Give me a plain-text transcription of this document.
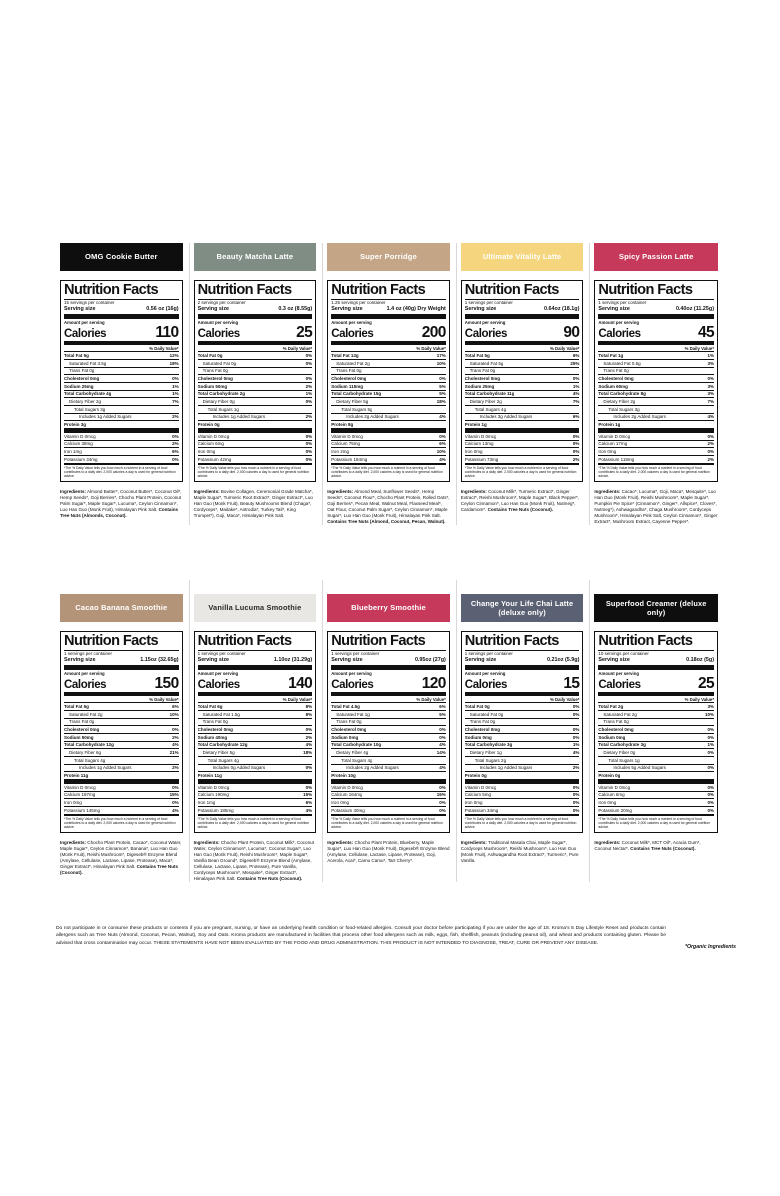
OMG Cookie Butter
Nutrition Facts
15 servings per container
Serving size	0.56 oz (16g)
Amount per serving
Calories	110
% Daily Value*
Total Fat 5g	12%
Saturated Fat 3.5g	18%
Trans Fat 0g
Cholesterol 0mg	0%
Sodium 25mg	1%
Total Carbohydrate 4g	1%
Dietary Fiber 2g	7%
Total Sugars 3g
Includes 1g Added Sugars	2%
Protein 3g
Vitamin D 0mcg	0%
Calcium 38mg	2%
Iron 1mg	6%
Potassium 34mg	0%
*The % Daily Value tells you how much a nutrient in a serving of food contributes to a daily diet. 2,000 calories a day is used for general nutrition advice.
Ingredients: Almond Butter*, Coconut Butter*, Coconut Oil*, Hemp Seeds*, Goji Berries*, Chocho Plant Protein, Coconut Palm Sugar*, Maple Sugar*, Lucuma*, Ceylon Cinnamon*, Luo Han Guo (Monk Fruit), Himalayan Pink Salt. Contains Tree Nuts (Almonds, Coconut).
Beauty Matcha Latte
Nutrition Facts
2 servings per container
Serving size	0.3 oz (8.55g)
Amount per serving
Calories	25
% Daily Value*
Total Fat 0g	0%
Saturated Fat 0g	0%
Trans Fat 0g
Cholesterol 0mg	0%
Sodium 50mg	2%
Total Carbohydrate 2g	1%
Dietary Fiber 0g	0%
Total Sugars 1g
Includes 1g Added Sugars	2%
Protein 0g
Vitamin D 0mcg	0%
Calcium 6mg	0%
Iron 0mg	0%
Potassium 42mg	0%
*The % Daily Value tells you how much a nutrient in a serving of food contributes to a daily diet. 2,000 calories a day is used for general nutrition advice.
Ingredients: Bovine Collagen, Ceremonial Grade Matcha*, Maple Sugar*, Turmeric Root Extract*, Ginger Extract*, Luo Han Guo (Monk Fruit), Beauty Mushrooms Blend (Chaga*, Cordyceps*, Maitake*, Antrodia*, Turkey Tail*, King Trumpet*), Goji, Maca*, Himalayan Pink Salt.
Super Porridge
Nutrition Facts
1.25 servings per container
Serving size	1.4 oz (40g) Dry Weight
Amount per serving
Calories	200
% Daily Value*
Total Fat 13g	17%
Saturated Fat 2g	10%
Trans Fat 0g
Cholesterol 0mg	0%
Sodium 115mg	5%
Total Carbohydrate 15g	5%
Dietary Fiber 5g	18%
Total Sugars 5g
Includes 2g Added Sugars	4%
Protein 8g
Vitamin D 0mcg	0%
Calcium 75mg	6%
Iron 2mg	10%
Potassium 184mg	4%
*The % Daily Value tells you how much a nutrient in a serving of food contributes to a daily diet. 2,000 calories a day is used for general nutrition advice.
Ingredients: Almond Meal, Sunflower Seeds*, Hemp Seeds*, Coconut Flour*, Chocho Plant Protein, Rolled Oats*, Goji Berries*, Pecan Meal, Walnut Meal, Flaxseed Meal*, Oat Flour, Coconut Palm Sugar*, Ceylon Cinnamon*, Maple Sugar*, Luo Han Guo (Monk Fruit), Himalayan Pink Salt. Contains Tree Nuts (Almond, Coconut, Pecan, Walnut).
Ultimate Vitality Latte
Nutrition Facts
1 servings per container
Serving size	0.64oz (18.1g)
Amount per serving
Calories	90
% Daily Value*
Total Fat 5g	6%
Saturated Fat 5g	25%
Trans Fat 0g
Cholesterol 0mg	0%
Sodium 25mg	1%
Total Carbohydrate 11g	4%
Dietary Fiber 2g	7%
Total Sugars 4g
Includes 3g Added Sugars	6%
Protein 1g
Vitamin D 0mcg	0%
Calcium 13mg	0%
Iron 0mg	0%
Potassium 73mg	2%
*The % Daily Value tells you how much a nutrient in a serving of food contributes to a daily diet. 2,000 calories a day is used for general nutrition advice.
Ingredients: Coconut Milk*, Turmeric Extract*, Ginger Extract*, Reishi Mushroom*, Maple Sugar*, Black Pepper*, Ceylon Cinnamon*, Luo Han Guo (Monk Fruit), Nutmeg*, Cardamom*. Contains Tree Nuts (Coconut).
Spicy Passion Latte
Nutrition Facts
1 servings per container
Serving size	0.40oz (11.25g)
Amount per serving
Calories	45
% Daily Value*
Total Fat 1g	1%
Saturated Fat 0.5g	3%
Trans Fat 0g
Cholesterol 0mg	0%
Sodium 60mg	3%
Total Carbohydrate 8g	3%
Dietary Fiber 2g	7%
Total Sugars 3g
Includes 2g Added Sugars	4%
Protein 1g
Vitamin D 0mcg	0%
Calcium 17mg	2%
Iron 0mg	0%
Potassium 118mg	2%
*The % Daily Value tells you how much a nutrient in a serving of food contributes to a daily diet. 2,000 calories a day is used for general nutrition advice.
Ingredients: Cacao*, Lucuma*, Goji, Maca*, Mesquite*, Luo Han Guo (Monk Fruit), Reishi Mushroom*, Maple Sugar*, Pumpkin Pie Spice* (Cinnamon*, Ginger*, Allspice*, Cloves*, Nutmeg*), Ashwagandha*, Chaga Mushroom*, Cordyceps Mushroom*, Himalayan Pink Salt, Ceylon Cinnamon*, Ginger Extract*, Mushroom Extract, Cayenne Pepper*.
Cacao Banana Smoothie
Nutrition Facts
1 servings per container
Serving size	1.15oz (32.65g)
Amount per serving
Calories	150
% Daily Value*
Total Fat 5g	6%
Saturated Fat 2g	10%
Trans Fat 0g
Cholesterol 0mg	0%
Sodium 50mg	2%
Total Carbohydrate 12g	4%
Dietary Fiber 6g	21%
Total Sugars 4g
Includes 1g Added Sugars	2%
Protein 11g
Vitamin D 0mcg	0%
Calcium 187mg	15%
Iron 0mg	0%
Potassium 145mg	4%
*The % Daily Value tells you how much a nutrient in a serving of food contributes to a daily diet. 2,000 calories a day is used for general nutrition advice.
Ingredients: Chocho Plant Protein, Cacao*, Coconut Water, Maple Sugar*, Ceylon Cinnamon*, Banana*, Luo Han Guo (Monk Fruit), Reishi Mushroom*, Digeseb® Enzyme Blend (Amylase, Cellulase, Lactase, Lipase, Protease), Maca*, Ginger Extract*, Himalayan Pink Salt. Contains Tree Nuts (Coconut).
Vanilla Lucuma Smoothie
Nutrition Facts
1 servings per container
Serving size	1.10oz (31.29g)
Amount per serving
Calories	140
% Daily Value*
Total Fat 6g	8%
Saturated Fat 1.5g	8%
Trans Fat 0g
Cholesterol 0mg	0%
Sodium 40mg	2%
Total Carbohydrate 12g	4%
Dietary Fiber 5g	18%
Total Sugars 4g
Includes 0g Added Sugars	0%
Protein 11g
Vitamin D 0mcg	0%
Calcium 190mg	15%
Iron 1mg	6%
Potassium 185mg	4%
*The % Daily Value tells you how much a nutrient in a serving of food contributes to a daily diet. 2,000 calories a day is used for general nutrition advice.
Ingredients: Chocho Plant Protein, Coconut Milk*, Coconut Water, Ceylon Cinnamon*, Lucuma*, Coconut Sugar*, Luo Han Guo (Monk Fruit), Reishi Mushroom*, Maple Sugar*, Vanilla Bean Ground*, Digeseb® Enzyme Blend (Amylase, Cellulase, Lactase, Lipase, Protease), Pure Vanilla, Cordyceps Mushroom*, Mesquite*, Ginger Extract*, Himalayan Pink Salt. Contains Tree Nuts (Coconut).
Blueberry Smoothie
Nutrition Facts
1 servings per container
Serving size	0.95oz (27g)
Amount per serving
Calories	120
% Daily Value*
Total Fat 4.5g	6%
Saturated Fat 1g	5%
Trans Fat 0g
Cholesterol 0mg	0%
Sodium 0mg	0%
Total Carbohydrate 10g	4%
Dietary Fiber 4g	14%
Total Sugars 4g
Includes 2g Added Sugars	4%
Protein 10g
Vitamin D 0mcg	0%
Calcium 164mg	15%
Iron 0mg	0%
Potassium 40mg	0%
*The % Daily Value tells you how much a nutrient in a serving of food contributes to a daily diet. 2,000 calories a day is used for general nutrition advice.
Ingredients: Chocho Plant Protein, Blueberry, Maple Sugar*, Luo Han Guo (Monk Fruit), Digeseb® Enzyme Blend (Amylase, Cellulase, Lactase, Lipase, Protease), Goji, Acerola, Acai*, Camu Camu*, Tart Cherry*.
Change Your Life Chai Latte (deluxe only)
Nutrition Facts
1 servings per container
Serving size	0.21oz (5.9g)
Amount per serving
Calories	15
% Daily Value*
Total Fat 0g	0%
Saturated Fat 0g	0%
Trans Fat 0g
Cholesterol 0mg	0%
Sodium 0mg	0%
Total Carbohydrate 3g	1%
Dietary Fiber 1g	4%
Total Sugars 2g
Includes 1g Added Sugars	2%
Protein 0g
Vitamin D 0mcg	0%
Calcium 5mg	0%
Iron 0mg	0%
Potassium 34mg	0%
*The % Daily Value tells you how much a nutrient in a serving of food contributes to a daily diet. 2,000 calories a day is used for general nutrition advice.
Ingredients: Traditional Masala Chai, Maple Sugar*, Cordyceps Mushroom*, Reishi Mushroom*, Luo Han Guo (Monk Fruit), Ashwagandha Root Extract*, Turmeric*, Pure Vanilla.
Superfood Creamer (deluxe only)
Nutrition Facts
10 servings per container
Serving size	0.18oz (5g)
Amount per serving
Calories	25
% Daily Value*
Total Fat 2g	3%
Saturated Fat 2g	10%
Trans Fat 0g
Cholesterol 0mg	0%
Sodium 0mg	0%
Total Carbohydrate 3g	1%
Dietary Fiber 0g	0%
Total Sugars 1g
Includes 5g Added Sugars	0%
Protein 0g
Vitamin D 0mcg	0%
Calcium 6mg	0%
Iron 0mg	0%
Potassium 20mg	0%
*The % Daily Value tells you how much a nutrient in a serving of food contributes to a daily diet. 2,000 calories a day is used for general nutrition advice.
Ingredients: Coconut Milk*, MCT Oil*, Acacia Gum*, Coconut Nectar*. Contains Tree Nuts (Coconut).
Do not participate in or consume these products or contents if you are pregnant, nursing, or have an underlying health condition or food-related allergies. Consult your doctor before participating if you are under the age of 18. Kroma's 5 Day Lifestyle Reset and products contain allergens such as Tree Nuts (Almond, Coconut, Pecan, Walnut), Soy and Oats. Kroma products are manufactured in facilities that process other food allergens such as milk, eggs, fish, shellfish, peanuts (including peanut oil), and wheat and products containing gluten. Please be advised that cross contamination may occur. THESE STATEMENTS HAVE NOT BEEN EVALUATED BY THE FOOD AND DRUG ADMINISTRATION. THIS PRODUCT IS NOT INTENDED TO DIAGNOSE, TREAT, CURE OR PREVENT ANY DISEASE.
*Organic Ingredients
